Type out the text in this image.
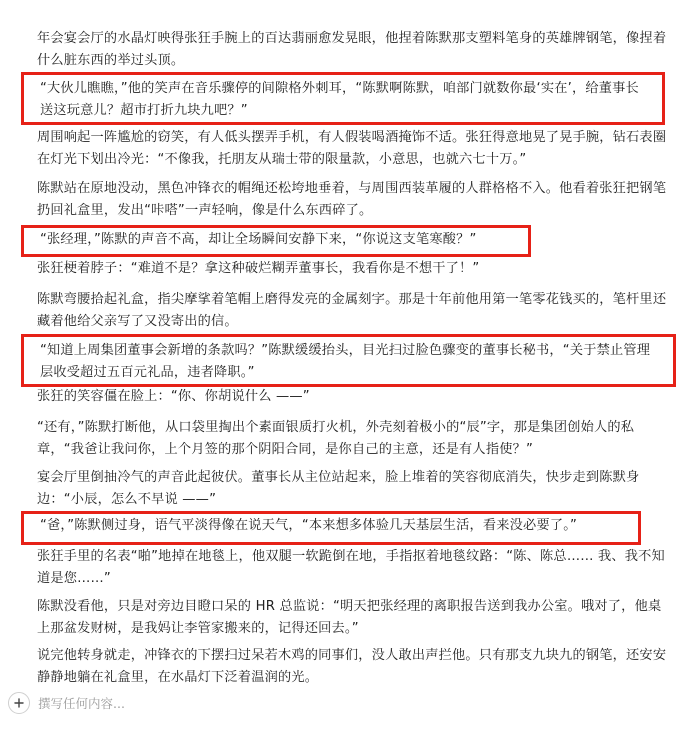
年会宴会厅的水晶灯映得张狂手腕上的百达翡丽愈发晃眼，他捏着陈默那支塑料笔身的英雄牌钢笔，像捏着什么脏东西的举过头顶。
“大伙儿瞧瞧，”他的笑声在音乐骤停的间隙格外刺耳，“陈默啊陈默，咱部门就数你最‘实在’，给董事长送这玩意儿？超市打折九块九吧？”
周围响起一阵尴尬的窃笑，有人低头摆弄手机，有人假装喝酒掩饰不适。张狂得意地晃了晃手腕，钻石表圈在灯光下划出冷光：“不像我，托朋友从瑞士带的限量款，小意思，也就六七十万。”
陈默站在原地没动，黑色冲锋衣的帽绳还松垮地垂着，与周围西装革履的人群格格不入。他看着张狂把钢笔扔回礼盒里，发出“咔嗒”一声轻响，像是什么东西碎了。
“张经理，”陈默的声音不高，却让全场瞬间安静下来，“你说这支笔寒酸？”
张狂梗着脖子：“难道不是？拿这种破烂糊弄董事长，我看你是不想干了！”
陈默弯腰拾起礼盒，指尖摩挲着笔帽上磨得发亮的金属刻字。那是十年前他用第一笔零花钱买的，笔杆里还藏着他给父亲写了又没寄出的信。
“知道上周集团董事会新增的条款吗？”陈默缓缓抬头，目光扫过脸色骤变的董事长秘书，“关于禁止管理层收受超过五百元礼品，违者降职。”
张狂的笑容僵在脸上：“你、你胡说什么 ——”
“还有，”陈默打断他，从口袋里掏出个素面银质打火机，外壳刻着极小的“辰”字，那是集团创始人的私章，“我爸让我问你，上个月签的那个阴阳合同，是你自己的主意，还是有人指使？”
宴会厅里倒抽冷气的声音此起彼伏。董事长从主位站起来，脸上堆着的笑容彻底消失，快步走到陈默身边：“小辰，怎么不早说 ——”
“爸，”陈默侧过身，语气平淡得像在说天气，“本来想多体验几天基层生活，看来没必要了。”
张狂手里的名表“啪”地掉在地毯上，他双腿一软跪倒在地，手指抠着地毯纹路：“陈、陈总…… 我、我不知道是您……”
陈默没看他，只是对旁边目瞪口呆的 HR 总监说：“明天把张经理的离职报告送到我办公室。哦对了，他桌上那盆发财树，是我妈让李管家搬来的，记得还回去。”
说完他转身就走，冲锋衣的下摆扫过呆若木鸡的同事们，没人敢出声拦他。只有那支九块九的钢笔，还安安静静地躺在礼盒里，在水晶灯下泛着温润的光。
撰写任何内容...
